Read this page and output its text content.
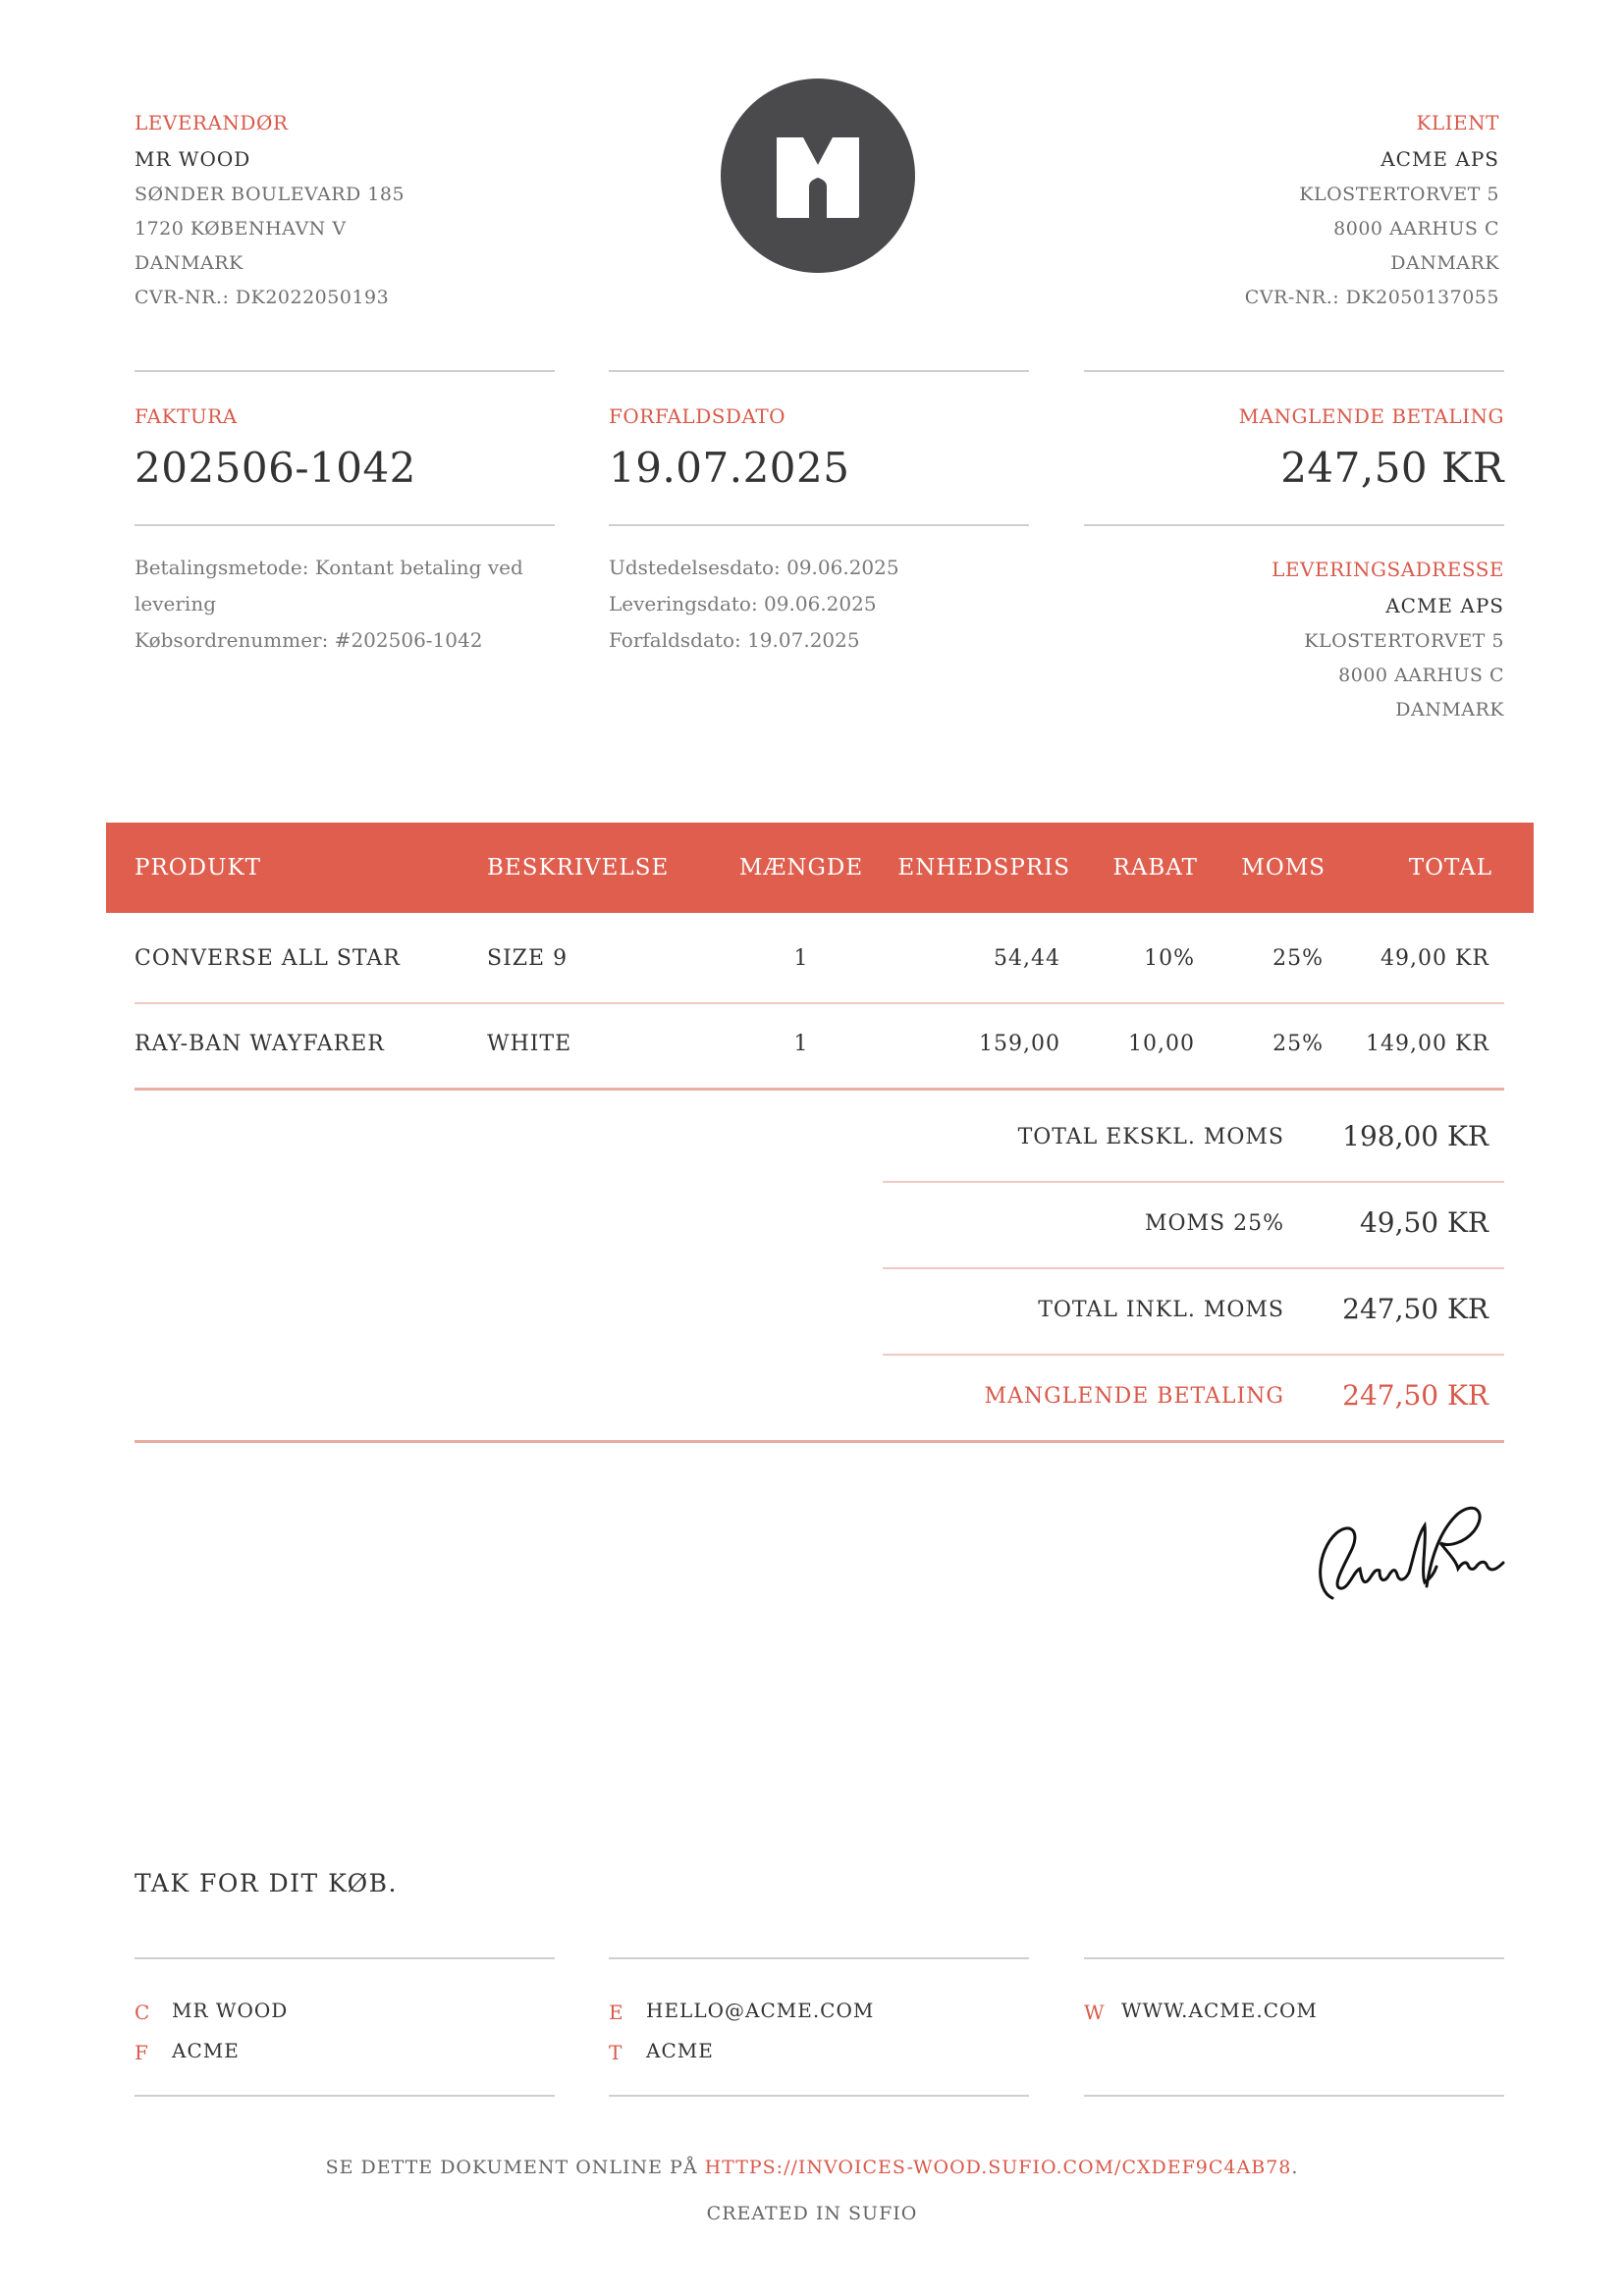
LEVERANDØR
MR WOOD
SØNDER BOULEVARD 185
1720 KØBENHAVN V
DANMARK
CVR-NR.: DK2022050193
KLIENT
ACME APS
KLOSTERTORVET 5
8000 AARHUS C
DANMARK
CVR-NR.: DK2050137055
FAKTURA
202506-1042
FORFALDSDATO
19.07.2025
MANGLENDE BETALING
247,50 KR
Betalingsmetode: Kontant betaling ved
levering
Købsordrenummer: #202506-1042
Udstedelsesdato: 09.06.2025
Leveringsdato: 09.06.2025
Forfaldsdato: 19.07.2025
LEVERINGSADRESSE
ACME APS
KLOSTERTORVET 5
8000 AARHUS C
DANMARK
PRODUKT	BESKRIVELSE	MÆNGDE ENHEDSPRIS RABAT MOMS	TOTAL
CONVERSE ALL STAR	SIZE 9	1	54,44	10%	25%	49,00 KR
RAY-BAN WAYFARER	WHITE	1	159,00	10,00	25% 149,00 KR
TOTAL EKSKL. MOMS 198,00 KR
MOMS 25%	49,50 KR
TOTAL INKL. MOMS 247,50 KR
MANGLENDE BETALING 247,50 KR
TAK FOR DIT KØB.
C MR WOOD
F ACME
E HELLO@ACME.COM
T ACME
W WWW.ACME.COM
SE DETTE DOKUMENT ONLINE PÅ HTTPS://INVOICES-WOOD.SUFIO.COM/CXDEF9C4AB78.
CREATED IN SUFIO
